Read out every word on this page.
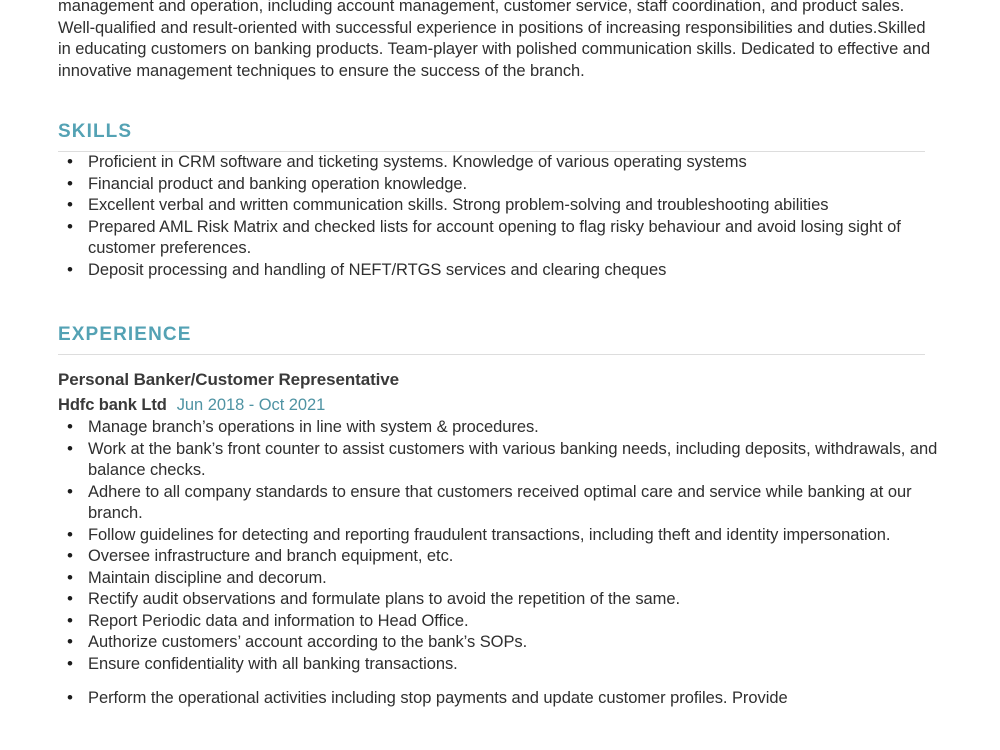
management and operation, including account management, customer service, staff coordination, and product sales. Well-qualified and result-oriented with successful experience in positions of increasing responsibilities and duties.Skilled in educating customers on banking products. Team-player with polished communication skills. Dedicated to effective and innovative management techniques to ensure the success of the branch.

SKILLS
• Proficient in CRM software and ticketing systems. Knowledge of various operating systems
• Financial product and banking operation knowledge.
• Excellent verbal and written communication skills. Strong problem-solving and troubleshooting abilities
• Prepared AML Risk Matrix and checked lists for account opening to flag risky behaviour and avoid losing sight of customer preferences.
• Deposit processing and handling of NEFT/RTGS services and clearing cheques
EXPERIENCE
Personal Banker/Customer Representative
Hdfc bank Ltd Jun 2018 - Oct 2021
• Manage branch’s operations in line with system & procedures.
• Work at the bank’s front counter to assist customers with various banking needs, including deposits, withdrawals, and balance checks.
• Adhere to all company standards to ensure that customers received optimal care and service while banking at our branch.
• Follow guidelines for detecting and reporting fraudulent transactions, including theft and identity impersonation.
• Oversee infrastructure and branch equipment, etc.
• Maintain discipline and decorum.
• Rectify audit observations and formulate plans to avoid the repetition of the same.
• Report Periodic data and information to Head Office.
• Authorize customers’ account according to the bank’s SOPs.
• Ensure confidentiality with all banking transactions.
• Perform the operational activities including stop payments and update customer profiles. Provide
